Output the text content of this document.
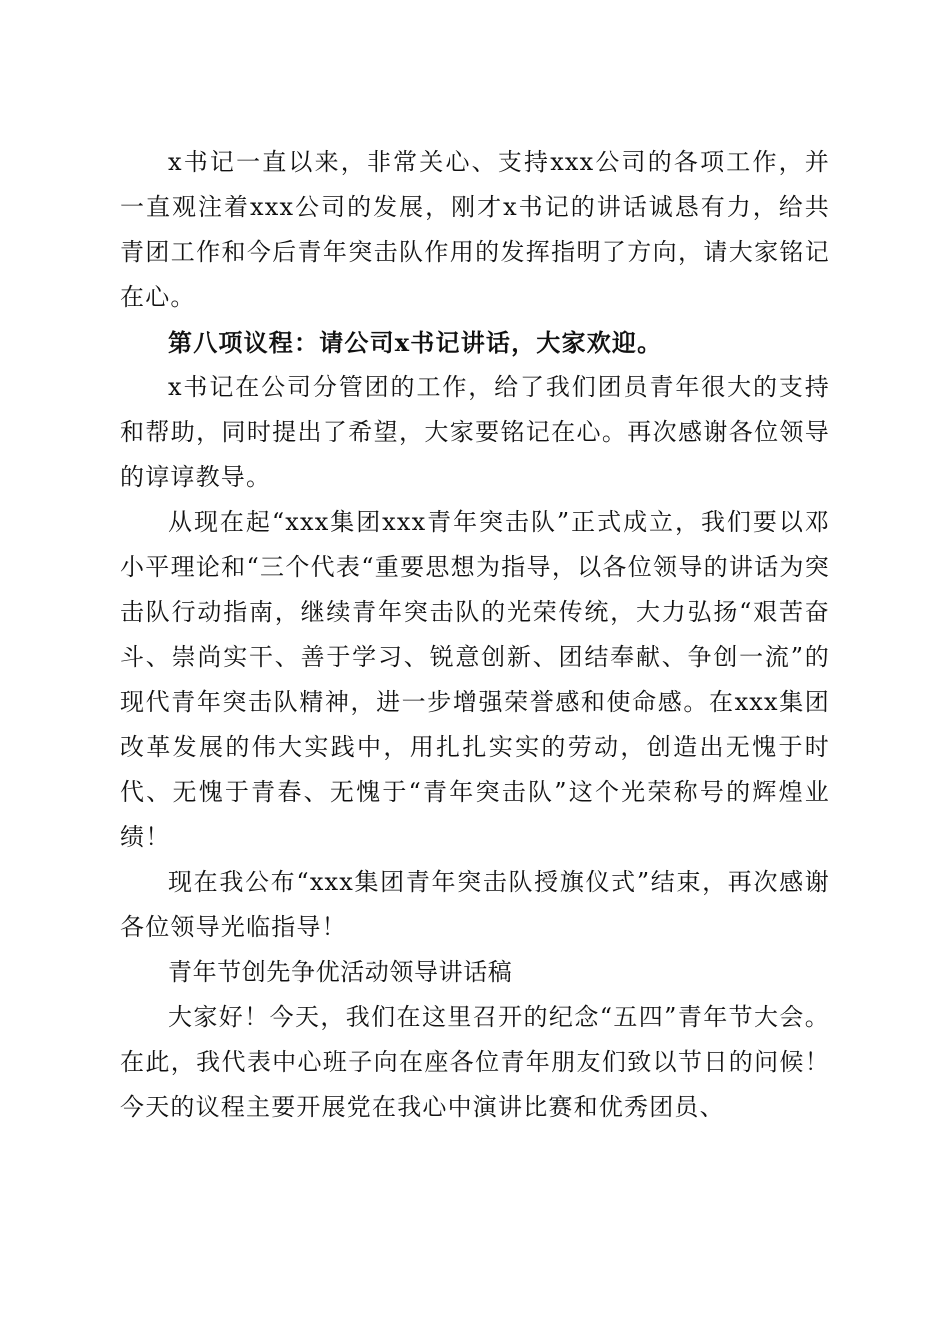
x书记一直以来，非常关心、支持xxx公司的各项工作，并一直观注着xxx公司的发展，刚才x书记的讲话诚恳有力，给共青团工作和今后青年突击队作用的发挥指明了方向，请大家铭记在心。

第八项议程：请公司x书记讲话，大家欢迎。

x书记在公司分管团的工作，给了我们团员青年很大的支持和帮助，同时提出了希望，大家要铭记在心。再次感谢各位领导的谆谆教导。

从现在起“xxx集团xxx青年突击队”正式成立，我们要以邓小平理论和“三个代表“重要思想为指导，以各位领导的讲话为突击队行动指南，继续青年突击队的光荣传统，大力弘扬“艰苦奋斗、崇尚实干、善于学习、锐意创新、团结奉献、争创一流”的现代青年突击队精神，进一步增强荣誉感和使命感。在xxx集团改革发展的伟大实践中，用扎扎实实的劳动，创造出无愧于时代、无愧于青春、无愧于“青年突击队”这个光荣称号的辉煌业绩！

现在我公布“xxx集团青年突击队授旗仪式”结束，再次感谢各位领导光临指导！

青年节创先争优活动领导讲话稿

大家好！今天，我们在这里召开的纪念“五四”青年节大会。在此，我代表中心班子向在座各位青年朋友们致以节日的问候！今天的议程主要开展党在我心中演讲比赛和优秀团员、
